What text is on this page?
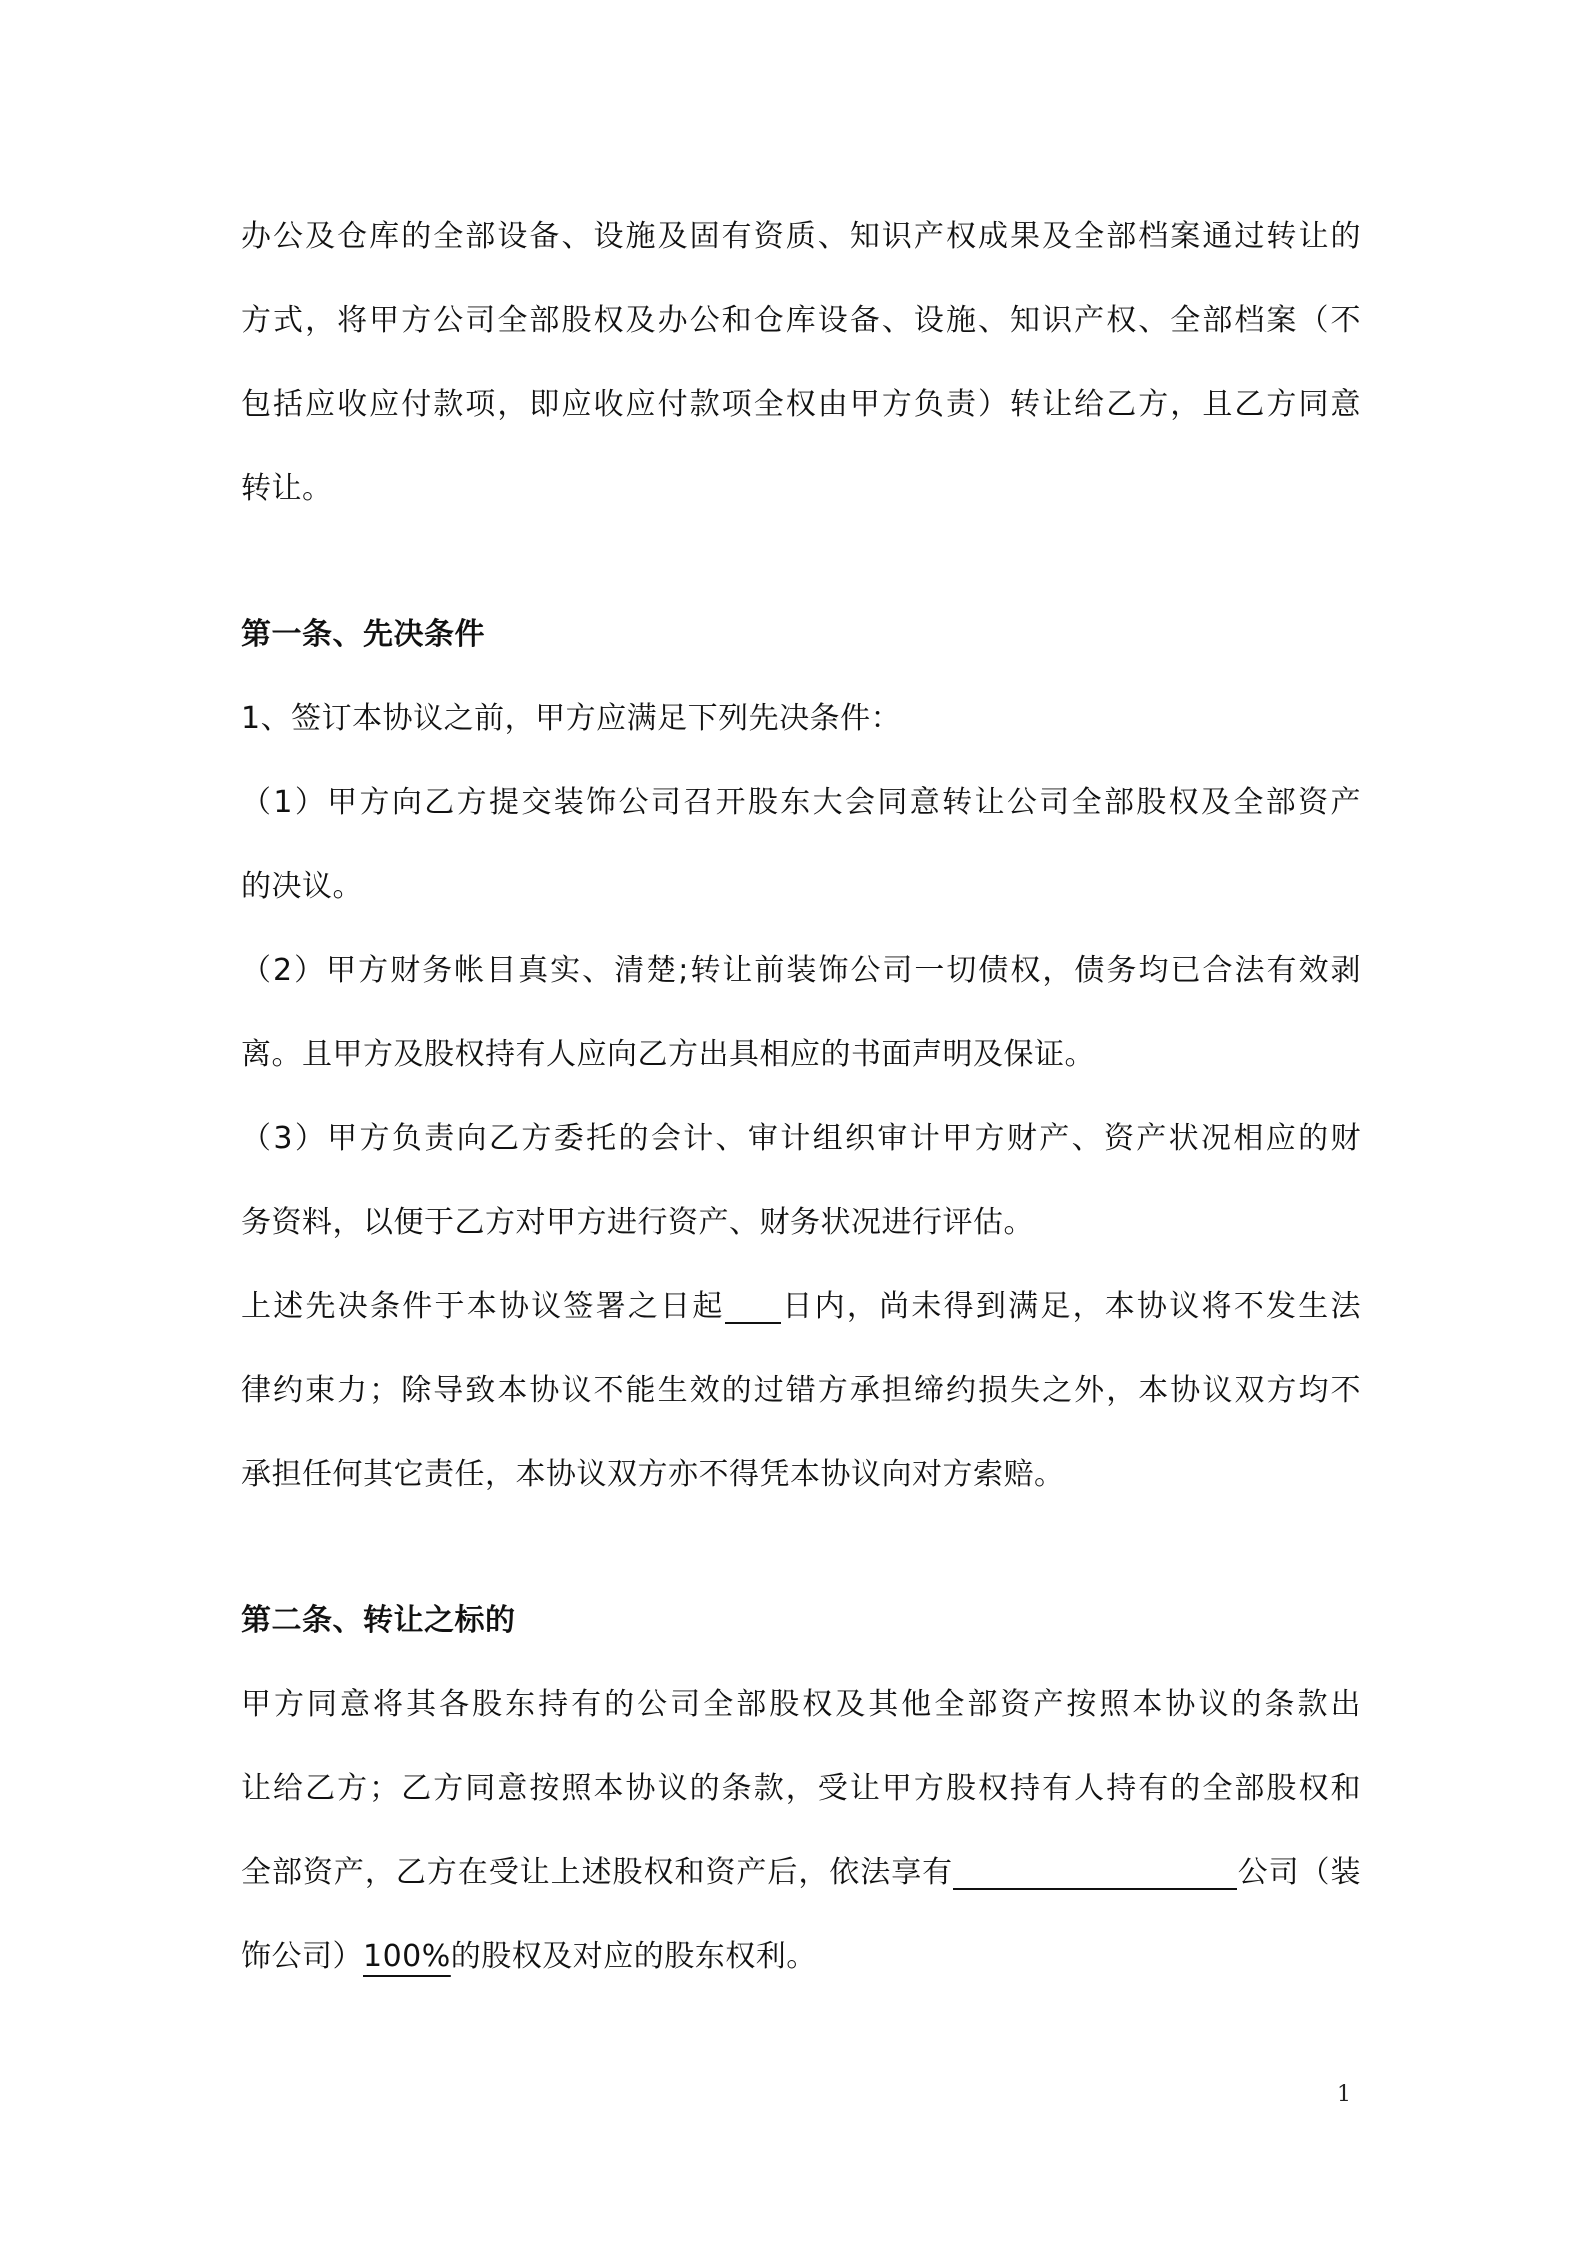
办公及仓库的全部设备、设施及固有资质、知识产权成果及全部档案通过转让的
方式，将甲方公司全部股权及办公和仓库设备、设施、知识产权、全部档案（不
包括应收应付款项，即应收应付款项全权由甲方负责）转让给乙方，且乙方同意
转让。
第一条、先决条件
1、签订本协议之前，甲方应满足下列先决条件：
（1）甲方向乙方提交装饰公司召开股东大会同意转让公司全部股权及全部资产
的决议。
（2）甲方财务帐目真实、清楚;转让前装饰公司一切债权，债务均已合法有效剥
离。且甲方及股权持有人应向乙方出具相应的书面声明及保证。
（3）甲方负责向乙方委托的会计、审计组织审计甲方财产、资产状况相应的财
务资料，以便于乙方对甲方进行资产、财务状况进行评估。
上述先决条件于本协议签署之日起 日内，尚未得到满足，本协议将不发生法
律约束力；除导致本协议不能生效的过错方承担缔约损失之外，本协议双方均不
承担任何其它责任，本协议双方亦不得凭本协议向对方索赔。
第二条、转让之标的
甲方同意将其各股东持有的公司全部股权及其他全部资产按照本协议的条款出
让给乙方；乙方同意按照本协议的条款，受让甲方股权持有人持有的全部股权和
全部资产，乙方在受让上述股权和资产后，依法享有	公司（装
饰公司）100%的股权及对应的股东权利。
1
